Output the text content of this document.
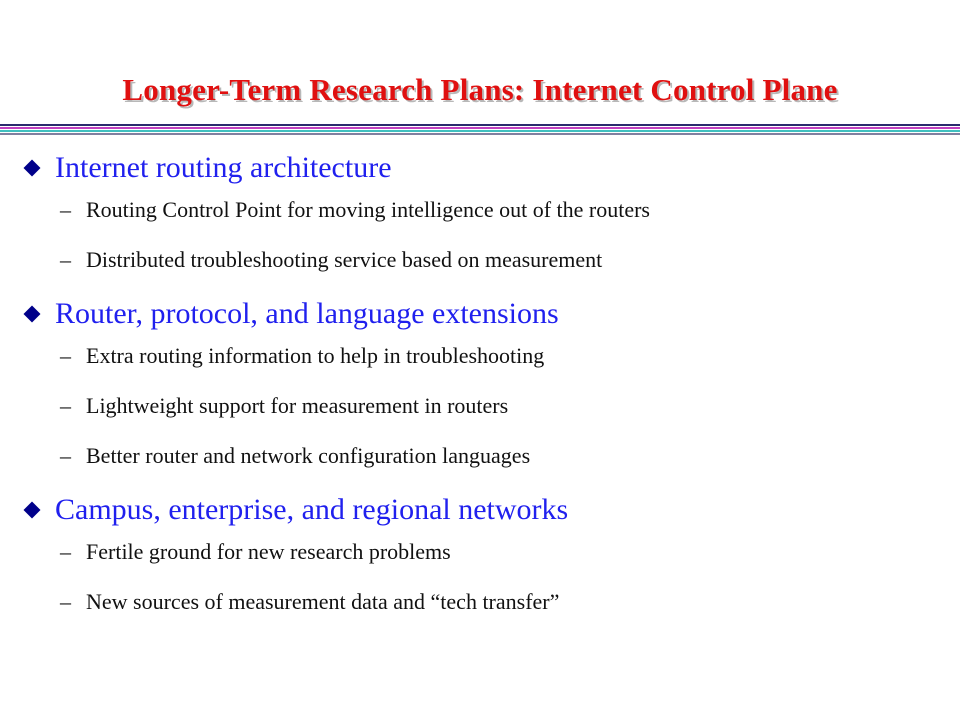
Longer-Term Research Plans: Internet Control Plane
Internet routing architecture
– Routing Control Point for moving intelligence out of the routers
– Distributed troubleshooting service based on measurement
Router, protocol, and language extensions
– Extra routing information to help in troubleshooting
– Lightweight support for measurement in routers
– Better router and network configuration languages
Campus, enterprise, and regional networks
– Fertile ground for new research problems
– New sources of measurement data and “tech transfer”
